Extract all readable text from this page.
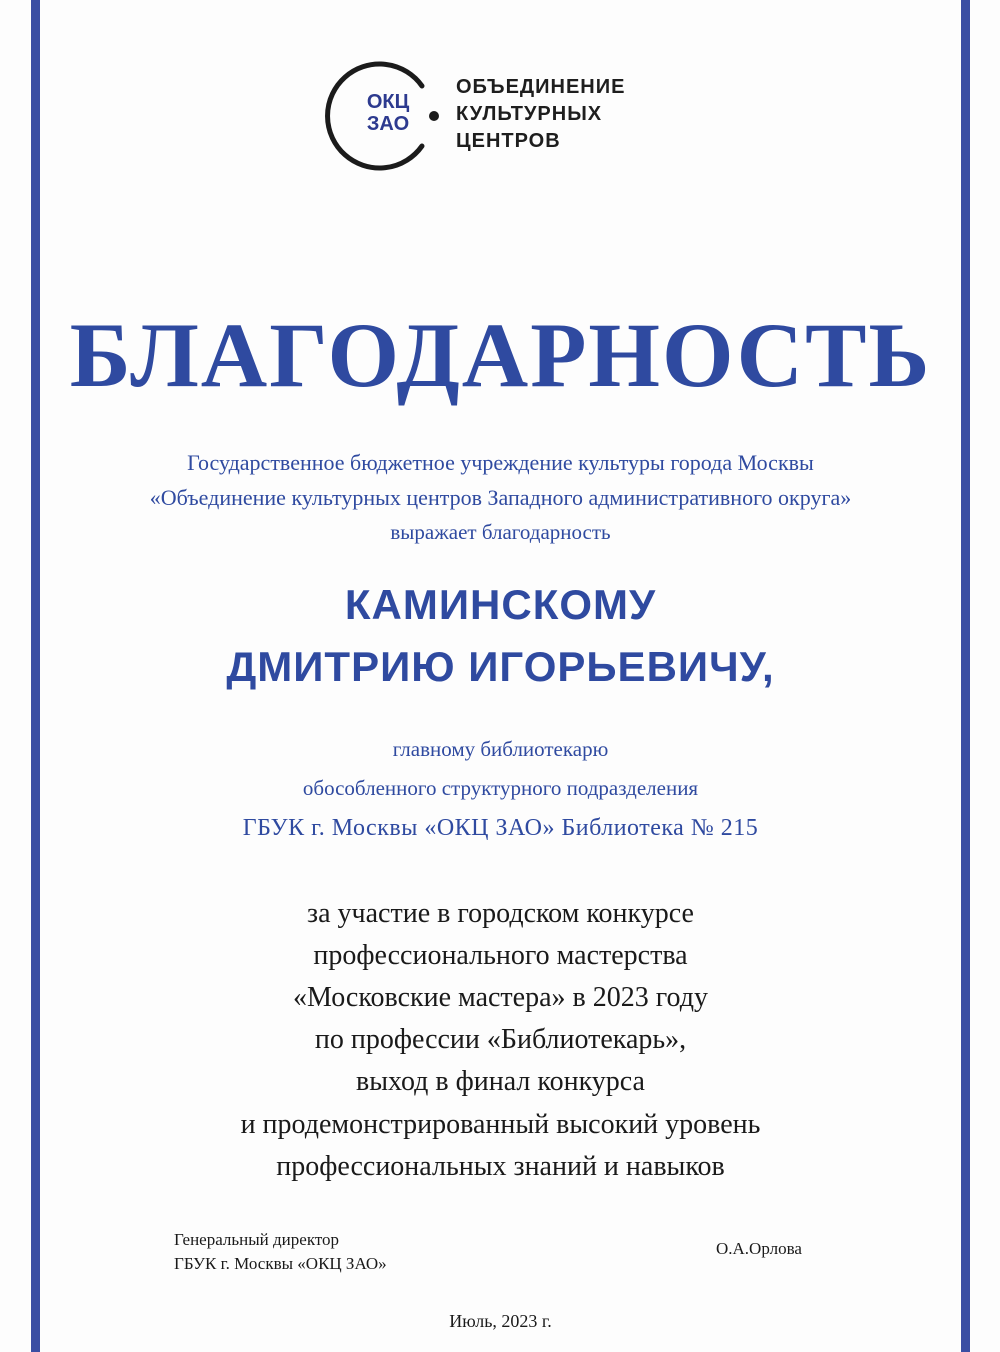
ОКЦ
ЗАО
ОБЪЕДИНЕНИЕ
КУЛЬТУРНЫХ
ЦЕНТРОВ
БЛАГОДАРНОСТЬ
Государственное бюджетное учреждение культуры города Москвы
«Объединение культурных центров Западного административного округа»
выражает благодарность
КАМИНСКОМУ
ДМИТРИЮ ИГОРЬЕВИЧУ,
главному библиотекарю
обособленного структурного подразделения
ГБУК г. Москвы «ОКЦ ЗАО» Библиотека № 215
за участие в городском конкурсе
профессионального мастерства
«Московские мастера» в 2023 году
по профессии «Библиотекарь»,
выход в финал конкурса
и продемонстрированный высокий уровень
профессиональных знаний и навыков
Генеральный директор
ГБУК г. Москвы «ОКЦ ЗАО»
О.А.Орлова
Июль, 2023 г.
